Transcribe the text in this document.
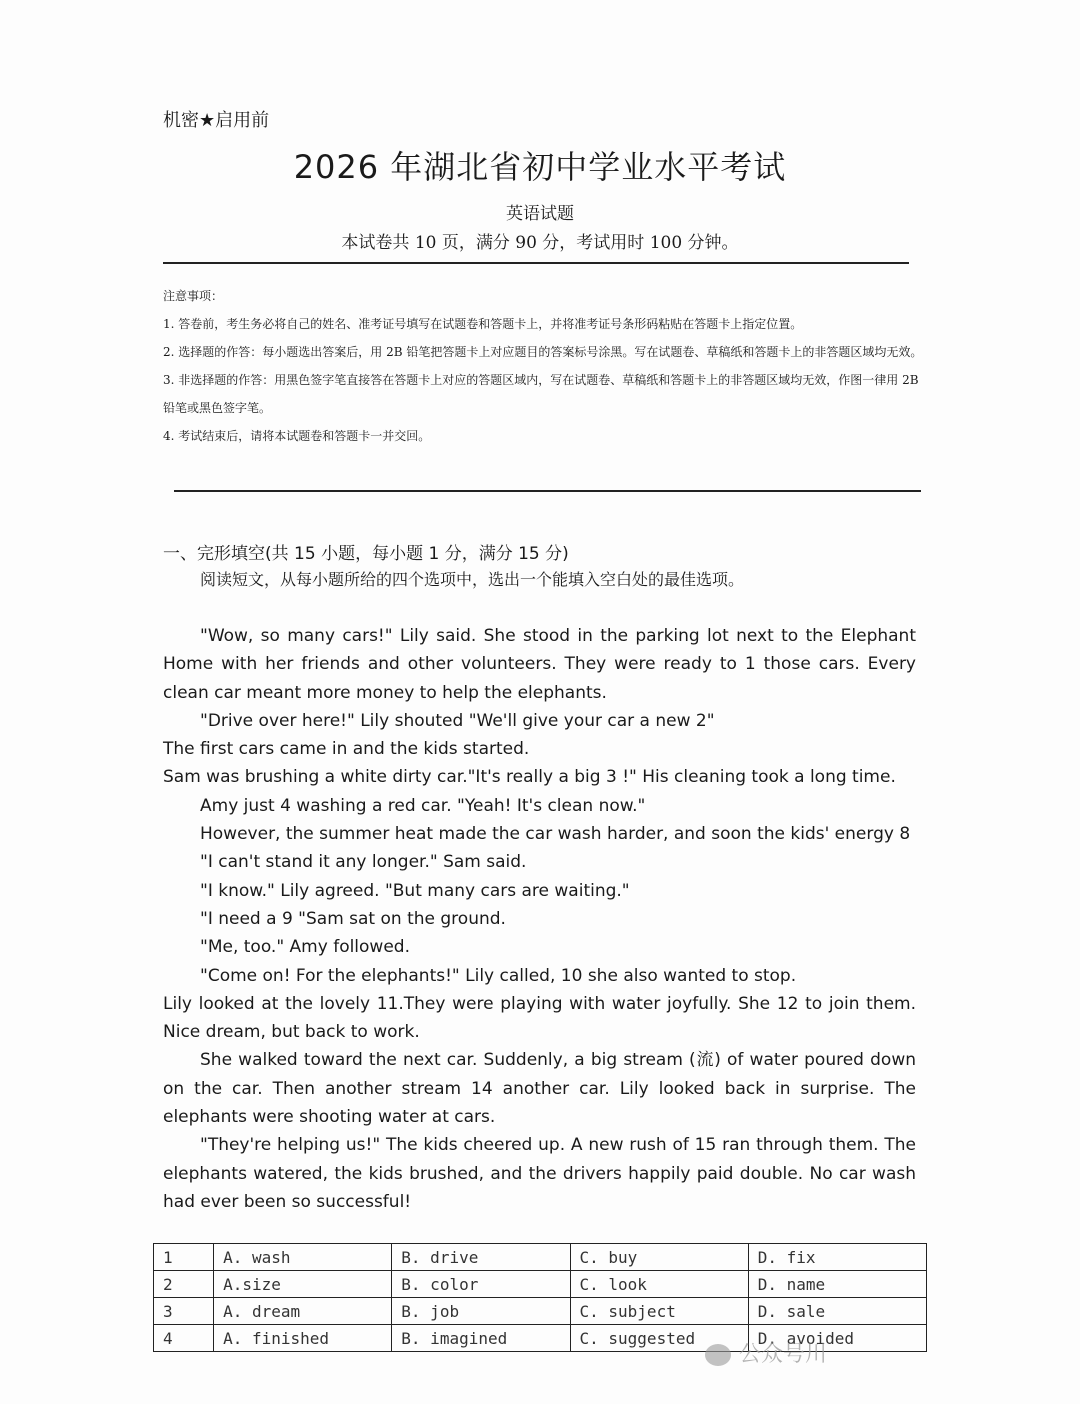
机密★启用前
2026 年湖北省初中学业水平考试
英语试题
本试卷共 10 页，满分 90 分，考试用时 100 分钟。

注意事项：

1. 答卷前，考生务必将自己的姓名、准考证号填写在试题卷和答题卡上，并将准考证号条形码粘贴在答题卡上指定位置。

2. 选择题的作答：每小题选出答案后，用 2B 铅笔把答题卡上对应题目的答案标号涂黑。写在试题卷、草稿纸和答题卡上的非答题区域均无效。

3. 非选择题的作答：用黑色签字笔直接答在答题卡上对应的答题区域内，写在试题卷、草稿纸和答题卡上的非答题区域均无效，作图一律用 2B 铅笔或黑色签字笔。

4. 考试结束后，请将本试题卷和答题卡一并交回。

一、完形填空(共 15 小题，每小题 1 分，满分 15 分)
阅读短文，从每小题所给的四个选项中，选出一个能填入空白处的最佳选项。

"Wow, so many cars!" Lily said. She stood in the parking lot next to the Elephant Home with her friends and other volunteers. They were ready to 1 those cars. Every clean car meant more money to help the elephants.

"Drive over here!" Lily shouted "We'll give your car a new 2"

The first cars came in and the kids started.

Sam was brushing a white dirty car."It's really a big 3 !" His cleaning took a long time.

Amy just 4 washing a red car. "Yeah! It's clean now."

However, the summer heat made the car wash harder, and soon the kids' energy 8

"I can't stand it any longer." Sam said.

"I know." Lily agreed. "But many cars are waiting."

"I need a 9 "Sam sat on the ground.

"Me, too." Amy followed.

"Come on! For the elephants!" Lily called, 10 she also wanted to stop.

Lily looked at the lovely 11.They were playing with water joyfully. She 12 to join them. Nice dream, but back to work.

She walked toward the next car. Suddenly, a big stream (流) of water poured down on the car. Then another stream 14 another car. Lily looked back in surprise. The elephants were shooting water at cars.

"They're helping us!" The kids cheered up. A new rush of 15 ran through them. The elephants watered, the kids brushed, and the drivers happily paid double. No car wash had ever been so successful!

1	A. wash	B. drive	C. buy	D. fix
2	A.size	B. color	C. look	D. name
3	A. dream	B. job	C. subject	D. sale
4	A. finished	B. imagined	C. suggested	D. avoided
公众号川
